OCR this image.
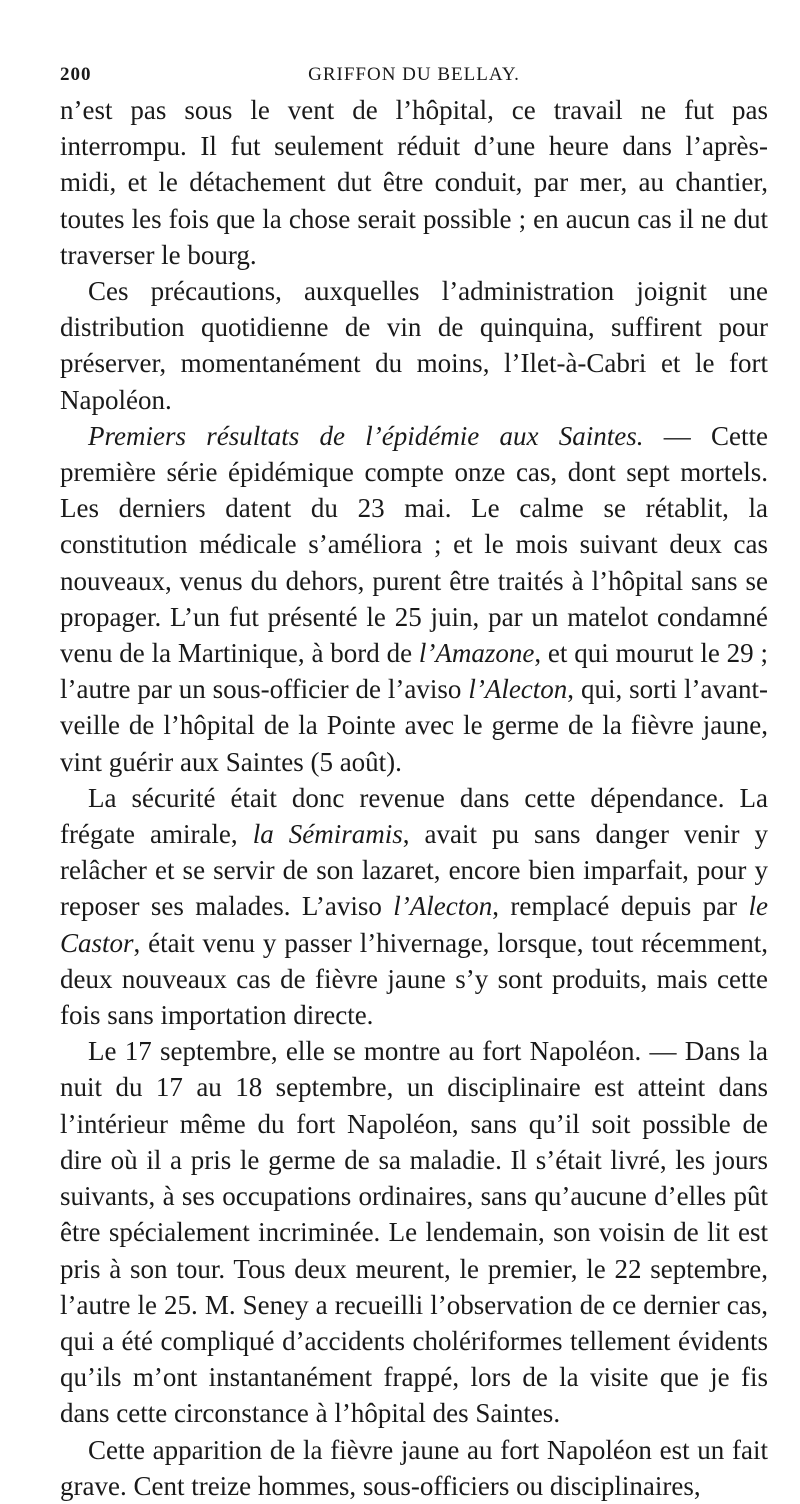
200	GRIFFON DU BELLAY.

n’est pas sous le vent de l’hôpital, ce travail ne fut pas interrompu. Il fut seulement réduit d’une heure dans l’après-midi, et le détachement dut être conduit, par mer, au chantier, toutes les fois que la chose serait possible ; en aucun cas il ne dut traverser le bourg.

Ces précautions, auxquelles l’administration joignit une distribution quotidienne de vin de quinquina, suffirent pour préserver, momentanément du moins, l’Ilet-à-Cabri et le fort Napoléon.

Premiers résultats de l’épidémie aux Saintes. — Cette première série épidémique compte onze cas, dont sept mortels. Les derniers datent du 23 mai. Le calme se rétablit, la constitution médicale s’améliora ; et le mois suivant deux cas nouveaux, venus du dehors, purent être traités à l’hôpital sans se propager. L’un fut présenté le 25 juin, par un matelot condamné venu de la Martinique, à bord de l’Amazone, et qui mourut le 29 ; l’autre par un sous-officier de l’aviso l’Alecton, qui, sorti l’avant-veille de l’hôpital de la Pointe avec le germe de la fièvre jaune, vint guérir aux Saintes (5 août).

La sécurité était donc revenue dans cette dépendance. La frégate amirale, la Sémiramis, avait pu sans danger venir y relâcher et se servir de son lazaret, encore bien imparfait, pour y reposer ses malades. L’aviso l’Alecton, remplacé depuis par le Castor, était venu y passer l’hivernage, lorsque, tout récemment, deux nouveaux cas de fièvre jaune s’y sont produits, mais cette fois sans importation directe.

Le 17 septembre, elle se montre au fort Napoléon. — Dans la nuit du 17 au 18 septembre, un disciplinaire est atteint dans l’intérieur même du fort Napoléon, sans qu’il soit possible de dire où il a pris le germe de sa maladie. Il s’était livré, les jours suivants, à ses occupations ordinaires, sans qu’aucune d’elles pût être spécialement incriminée. Le lendemain, son voisin de lit est pris à son tour. Tous deux meurent, le premier, le 22 septembre, l’autre le 25. M. Seney a recueilli l’observation de ce dernier cas, qui a été compliqué d’accidents cholériformes tellement évidents qu’ils m’ont instantanément frappé, lors de la visite que je fis dans cette circonstance à l’hôpital des Saintes.

Cette apparition de la fièvre jaune au fort Napoléon est un fait grave. Cent treize hommes, sous-officiers ou disciplinaires,
